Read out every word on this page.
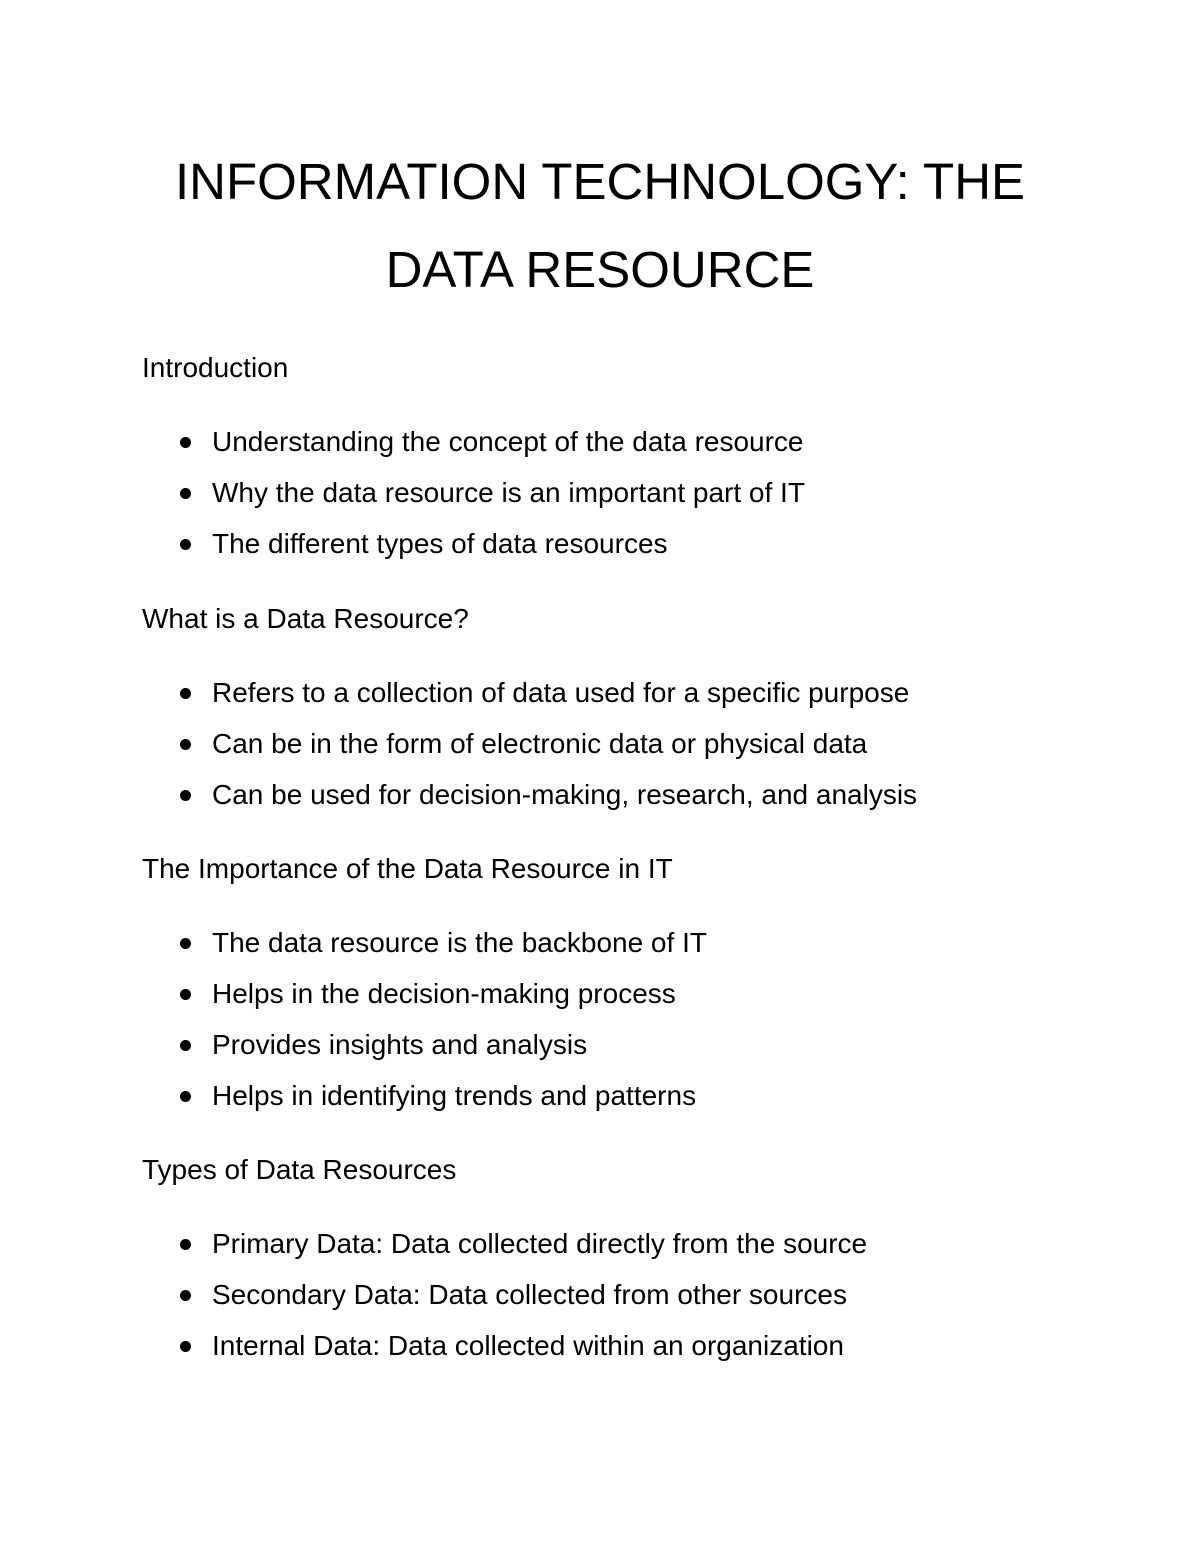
INFORMATION TECHNOLOGY: THE
DATA RESOURCE

Introduction

Understanding the concept of the data resource
Why the data resource is an important part of IT
The different types of data resources

What is a Data Resource?

Refers to a collection of data used for a specific purpose
Can be in the form of electronic data or physical data
Can be used for decision-making, research, and analysis

The Importance of the Data Resource in IT

The data resource is the backbone of IT
Helps in the decision-making process
Provides insights and analysis
Helps in identifying trends and patterns

Types of Data Resources

Primary Data: Data collected directly from the source
Secondary Data: Data collected from other sources
Internal Data: Data collected within an organization
